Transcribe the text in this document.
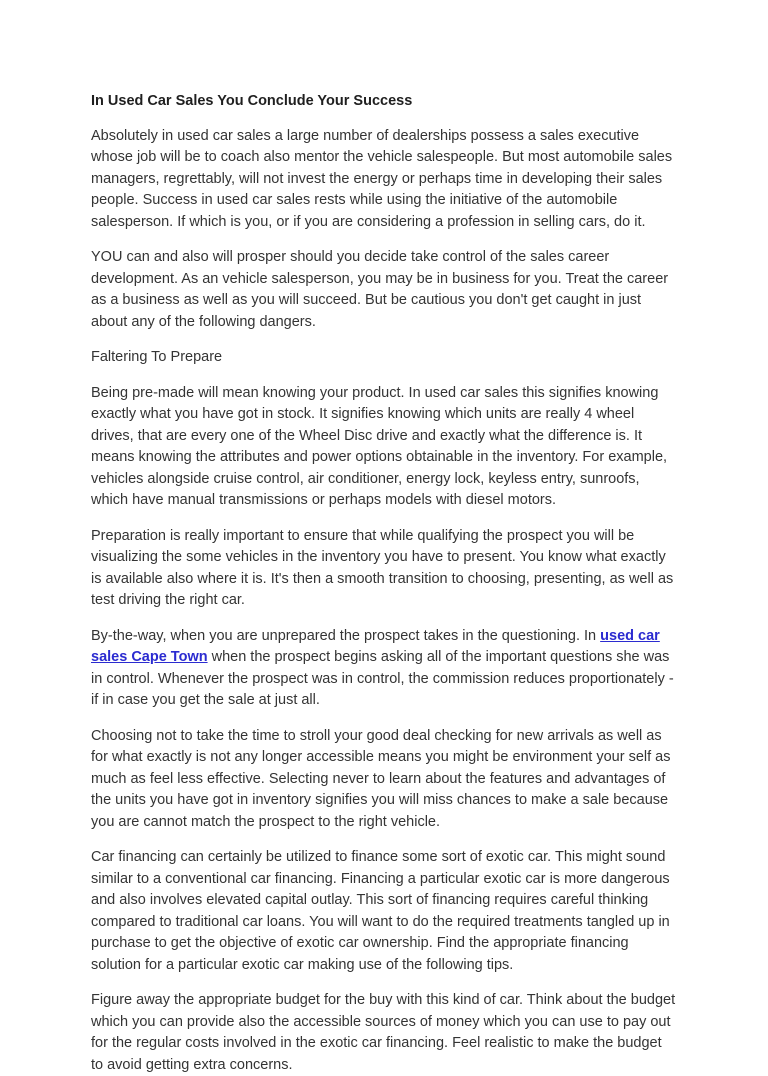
In Used Car Sales You Conclude Your Success

Absolutely in used car sales a large number of dealerships possess a sales executive whose job will be to coach also mentor the vehicle salespeople. But most automobile sales managers, regrettably, will not invest the energy or perhaps time in developing their sales people. Success in used car sales rests while using the initiative of the automobile salesperson. If which is you, or if you are considering a profession in selling cars, do it.

YOU can and also will prosper should you decide take control of the sales career development. As an vehicle salesperson, you may be in business for you. Treat the career as a business as well as you will succeed. But be cautious you don't get caught in just about any of the following dangers.

Faltering To Prepare

Being pre-made will mean knowing your product. In used car sales this signifies knowing exactly what you have got in stock. It signifies knowing which units are really 4 wheel drives, that are every one of the Wheel Disc drive and exactly what the difference is. It means knowing the attributes and power options obtainable in the inventory. For example, vehicles alongside cruise control, air conditioner, energy lock, keyless entry, sunroofs, which have manual transmissions or perhaps models with diesel motors.

Preparation is really important to ensure that while qualifying the prospect you will be visualizing the some vehicles in the inventory you have to present. You know what exactly is available also where it is. It's then a smooth transition to choosing, presenting, as well as test driving the right car.

By-the-way, when you are unprepared the prospect takes in the questioning. In used car sales Cape Town when the prospect begins asking all of the important questions she was in control. Whenever the prospect was in control, the commission reduces proportionately - if in case you get the sale at just all.

Choosing not to take the time to stroll your good deal checking for new arrivals as well as for what exactly is not any longer accessible means you might be environment your self as much as feel less effective. Selecting never to learn about the features and advantages of the units you have got in inventory signifies you will miss chances to make a sale because you are cannot match the prospect to the right vehicle.

Car financing can certainly be utilized to finance some sort of exotic car. This might sound similar to a conventional car financing. Financing a particular exotic car is more dangerous and also involves elevated capital outlay. This sort of financing requires careful thinking compared to traditional car loans. You will want to do the required treatments tangled up in purchase to get the objective of exotic car ownership. Find the appropriate financing solution for a particular exotic car making use of the following tips.

Figure away the appropriate budget for the buy with this kind of car. Think about the budget which you can provide also the accessible sources of money which you can use to pay out for the regular costs involved in the exotic car financing. Feel realistic to make the budget to avoid getting extra concerns.
